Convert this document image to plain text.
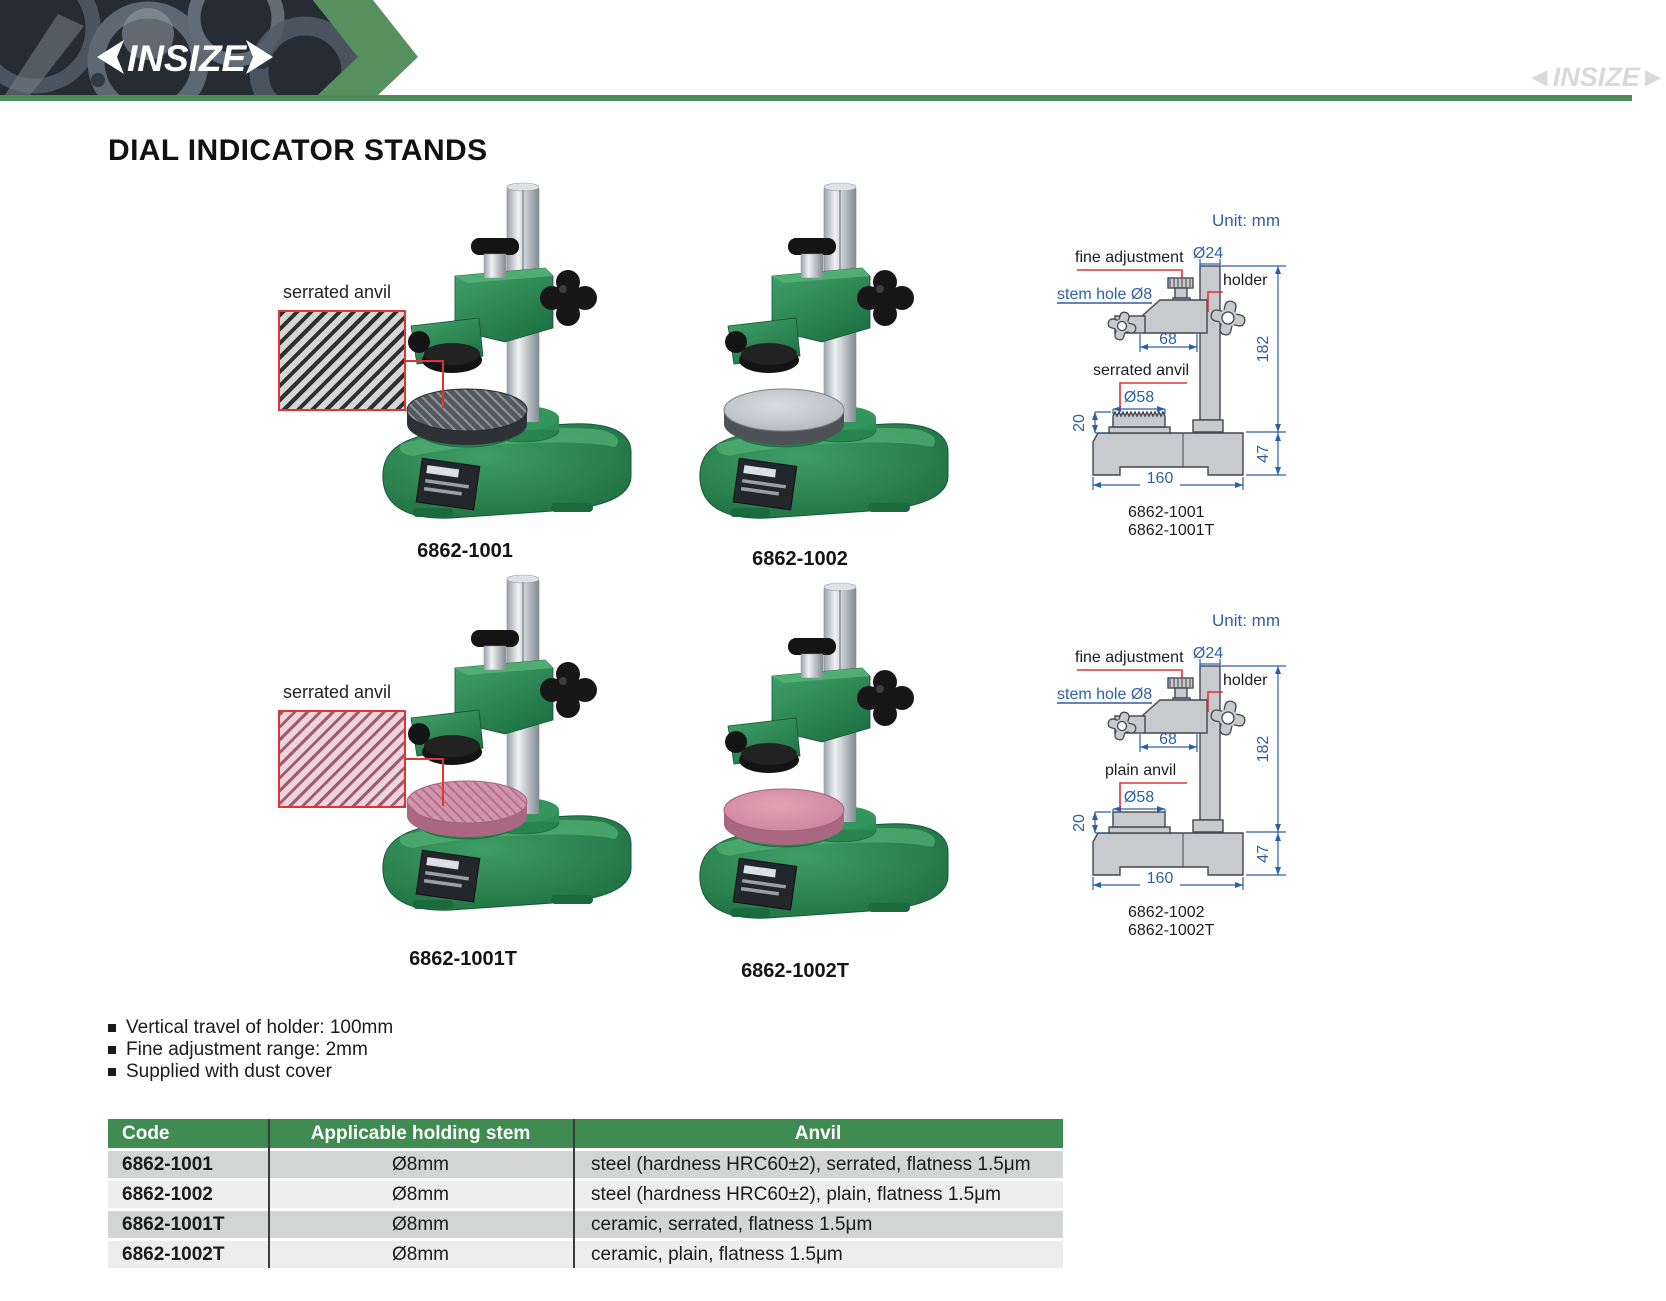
INSIZE	◄INSIZE►
DIAL INDICATOR STANDS
serrated anvil
serrated anvil
6862-1001	6862-1002
6862-1001T
6862-1002T
Unit: mm
fine adjustment Ø24
holder
stem hole Ø8
68	182
serrated anvil
Ø58
20
160
47
6862-1001
6862-1001T
Unit: mm
fine adjustment Ø24
holder
stem hole Ø8
68	182
plain anvil
Ø58
20
160
47
6862-1002
6862-1002T
Vertical travel of holder: 100mm
Fine adjustment range: 2mm
Supplied with dust cover
Code	Applicable holding stem	Anvil
6862-1001	Ø8mm	steel (hardness HRC60±2), serrated, flatness 1.5μm
6862-1002	Ø8mm	steel (hardness HRC60±2), plain, flatness 1.5μm
6862-1001T	Ø8mm	ceramic, serrated, flatness 1.5μm
6862-1002T	Ø8mm	ceramic, plain, flatness 1.5μm
